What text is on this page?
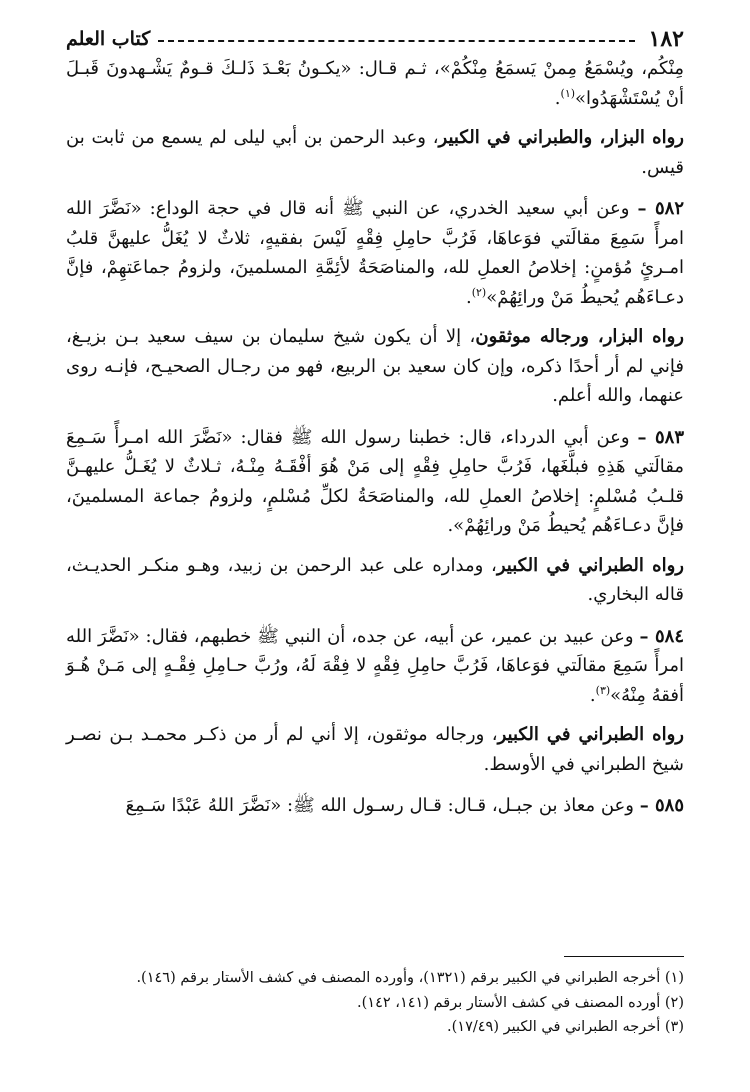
١٨٢
كتاب العلم

مِنْكُم، ويُسْمَعُ مِمنْ يَسمَعُ مِنْكُمْ»، ثـم قـال: «يكـونُ بَعْـدَ ذَلـكَ قـومٌ يَشْـهدونَ قَبـلَ أنْ يُسْتَشْهَدُوا»$^{(١)}$.

رواه البزار، والطبراني في الكبير، وعبد الرحمن بن أبي ليلى لم يسمع من ثابت بن قيس.

٥٨٢ – وعن أبي سعيد الخدري، عن النبي ﷺ أنه قال في حجة الوداع: «نَضَّرَ الله امرأً سَمِعَ مقالَتي فوَعاهَا، فَرُبَّ حامِلِ فِقْهٍ لَيْسَ بفقيهٍ، ثلاثٌ لا يُغَلُّ عليهنَّ قلبُ امـرئٍ مُؤمنٍ: إخلاصُ العملِ لله، والمناصَحَةُ لأئِمَّةِ المسلمينَ، ولزومُ جماعَتهِمْ، فإنَّ دعـاءَهُم يُحيطُ مَنْ ورائِهُمْ»$^{(٢)}$.

رواه البزار، ورجاله موثقون، إلا أن يكون شيخ سليمان بن سيف سعيد بـن بزيـغ، فإني لم أر أحدًا ذكره، وإن كان سعيد بن الربيع، فهو من رجـال الصحيـح، فإنـه روى عنهما، والله أعلم.

٥٨٣ – وعن أبي الدرداء، قال: خطبنا رسول الله ﷺ فقال: «نَضَّرَ الله امـرأً سَـمِعَ مقالَتي هَذِهِ فبلَّغَها، فَرُبَّ حامِلِ فِقْهٍ إلى مَنْ هُوَ أفْقَـهُ مِنْـهُ، ثـلاثٌ لا يُغَـلُّ عليهـنَّ قلـبُ مُسْلمٍ: إخلاصُ العملِ لله، والمناصَحَةُ لكلِّ مُسْلمٍ، ولزومُ جماعة المسلمينَ، فإنَّ دعـاءَهُم يُحيطُ مَنْ ورائِهُمْ».

رواه الطبراني في الكبير، ومداره على عبد الرحمن بن زبيد، وهـو منكـر الحديـث، قاله البخاري.

٥٨٤ – وعن عبيد بن عمير، عن أبيه، عن جده، أن النبي ﷺ خطبهم، فقال: «نَضَّرَ الله امرأً سَمِعَ مقالَتي فوَعاهَا، فَرُبَّ حامِلِ فِقْهٍ لا فِقْهَ لَهُ، ورُبَّ حـامِلِ فِقْـهٍ إلى مَـنْ هُـوَ أفقهُ مِنْهُ»$^{(٣)}$.

رواه الطبراني في الكبير، ورجاله موثقون، إلا أني لم أر من ذكـر محمـد بـن نصـر شيخ الطبراني في الأوسط.

٥٨٥ – وعن معاذ بن جبـل، قـال: قـال رسـول الله ﷺ: «نَضَّرَ اللهُ عَبْدًا سَـمِعَ

(١) أخرجه الطبراني في الكبير برقم (١٣٢١)، وأورده المصنف في كشف الأستار برقم (١٤٦).
(٢) أورده المصنف في كشف الأستار برقم (١٤١، ١٤٢).
(٣) أخرجه الطبراني في الكبير (١٧/٤٩).
